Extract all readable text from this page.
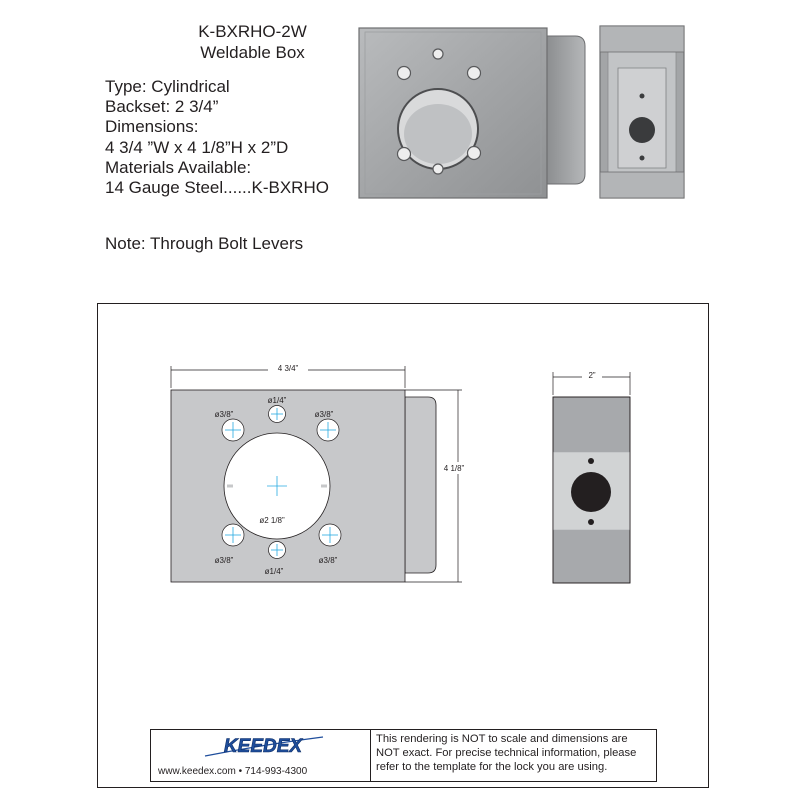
K-BXRHO-2W
Weldable Box
Type: Cylindrical
Backset: 2 3/4”
Dimensions:
4 3/4 ”W x 4 1/8”H x 2”D
Materials Available:
14 Gauge Steel......K-BXRHO
Note: Through Bolt Levers
4 3/4”
4 1/8”
ø2 1/8”
ø3/8”
ø1/4”
ø3/8”
ø3/8”
ø1/4”
ø3/8”
2”
KEEDEX
www.keedex.com • 714-993-4300
This rendering is NOT to scale and dimensions are NOT exact. For precise technical information, please refer to the template for the lock you are using.
